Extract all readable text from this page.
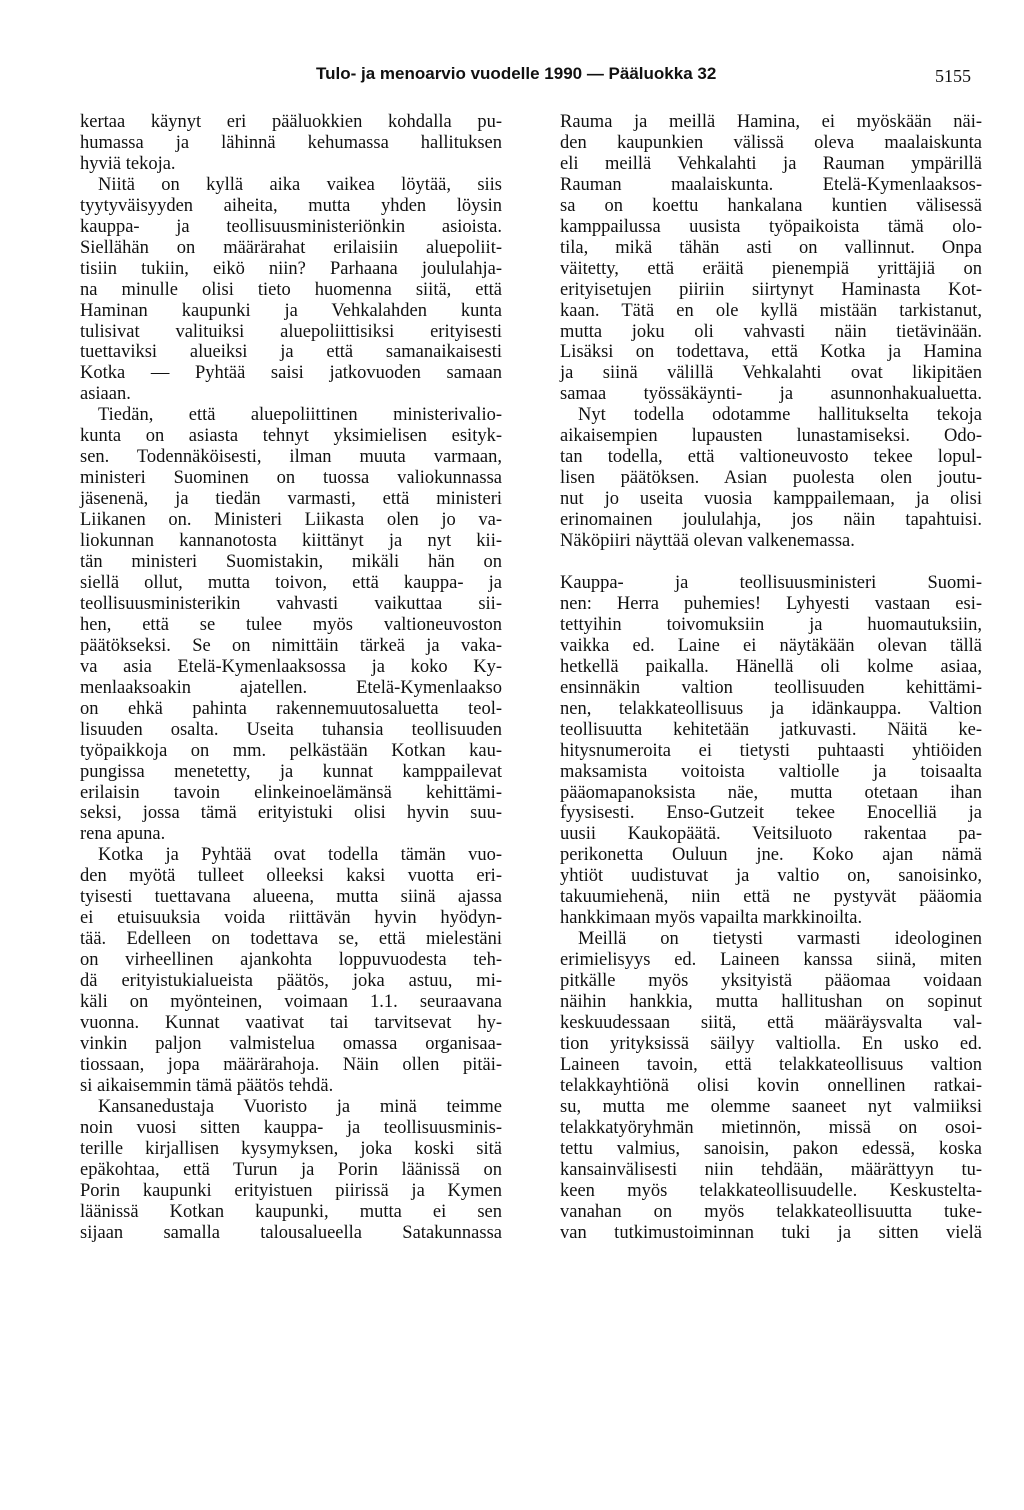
Tulo- ja menoarvio vuodelle 1990 — Pääluokka 32	5155
kertaa käynyt eri pääluokkien kohdalla pu-
humassa ja lähinnä kehumassa hallituksen
hyviä tekoja.
Niitä on kyllä aika vaikea löytää, siis
tyytyväisyyden aiheita, mutta yhden löysin
kauppa- ja teollisuusministeriönkin asioista.
Siellähän on määrärahat erilaisiin aluepoliit-
tisiin tukiin, eikö niin? Parhaana joululahja-
na minulle olisi tieto huomenna siitä, että
Haminan kaupunki ja Vehkalahden kunta
tulisivat valituiksi aluepoliittisiksi erityisesti
tuettaviksi alueiksi ja että samanaikaisesti
Kotka — Pyhtää saisi jatkovuoden samaan
asiaan.
Tiedän, että aluepoliittinen ministerivalio-
kunta on asiasta tehnyt yksimielisen esityk-
sen. Todennäköisesti, ilman muuta varmaan,
ministeri Suominen on tuossa valiokunnassa
jäsenenä, ja tiedän varmasti, että ministeri
Liikanen on. Ministeri Liikasta olen jo va-
liokunnan kannanotosta kiittänyt ja nyt kii-
tän ministeri Suomistakin, mikäli hän on
siellä ollut, mutta toivon, että kauppa- ja
teollisuusministerikin vahvasti vaikuttaa sii-
hen, että se tulee myös valtioneuvoston
päätökseksi. Se on nimittäin tärkeä ja vaka-
va asia Etelä-Kymenlaaksossa ja koko Ky-
menlaaksoakin ajatellen. Etelä-Kymenlaakso
on ehkä pahinta rakennemuutosaluetta teol-
lisuuden osalta. Useita tuhansia teollisuuden
työpaikkoja on mm. pelkästään Kotkan kau-
pungissa menetetty, ja kunnat kamppailevat
erilaisin tavoin elinkeinoelämänsä kehittämi-
seksi, jossa tämä erityistuki olisi hyvin suu-
rena apuna.
Kotka ja Pyhtää ovat todella tämän vuo-
den myötä tulleet olleeksi kaksi vuotta eri-
tyisesti tuettavana alueena, mutta siinä ajassa
ei etuisuuksia voida riittävän hyvin hyödyn-
tää. Edelleen on todettava se, että mielestäni
on virheellinen ajankohta loppuvuodesta teh-
dä erityistukialueista päätös, joka astuu, mi-
käli on myönteinen, voimaan 1.1. seuraavana
vuonna. Kunnat vaativat tai tarvitsevat hy-
vinkin paljon valmistelua omassa organisaa-
tiossaan, jopa määrärahoja. Näin ollen pitäi-
si aikaisemmin tämä päätös tehdä.
Kansanedustaja Vuoristo ja minä teimme
noin vuosi sitten kauppa- ja teollisuusminis-
terille kirjallisen kysymyksen, joka koski sitä
epäkohtaa, että Turun ja Porin läänissä on
Porin kaupunki erityistuen piirissä ja Kymen
läänissä Kotkan kaupunki, mutta ei sen
sijaan samalla talousalueella Satakunnassa
Rauma ja meillä Hamina, ei myöskään näi-
den kaupunkien välissä oleva maalaiskunta
eli meillä Vehkalahti ja Rauman ympärillä
Rauman maalaiskunta. Etelä-Kymenlaaksos-
sa on koettu hankalana kuntien välisessä
kamppailussa uusista työpaikoista tämä olo-
tila, mikä tähän asti on vallinnut. Onpa
väitetty, että eräitä pienempiä yrittäjiä on
erityisetujen piiriin siirtynyt Haminasta Kot-
kaan. Tätä en ole kyllä mistään tarkistanut,
mutta joku oli vahvasti näin tietävinään.
Lisäksi on todettava, että Kotka ja Hamina
ja siinä välillä Vehkalahti ovat likipitäen
samaa työssäkäynti- ja asunnonhakualuetta.
Nyt todella odotamme hallitukselta tekoja
aikaisempien lupausten lunastamiseksi. Odo-
tan todella, että valtioneuvosto tekee lopul-
lisen päätöksen. Asian puolesta olen joutu-
nut jo useita vuosia kamppailemaan, ja olisi
erinomainen joululahja, jos näin tapahtuisi.
Näköpiiri näyttää olevan valkenemassa.
Kauppa- ja teollisuusministeri Suomi-
nen: Herra puhemies! Lyhyesti vastaan esi-
tettyihin toivomuksiin ja huomautuksiin,
vaikka ed. Laine ei näytäkään olevan tällä
hetkellä paikalla. Hänellä oli kolme asiaa,
ensinnäkin valtion teollisuuden kehittämi-
nen, telakkateollisuus ja idänkauppa. Valtion
teollisuutta kehitetään jatkuvasti. Näitä ke-
hitysnumeroita ei tietysti puhtaasti yhtiöiden
maksamista voitoista valtiolle ja toisaalta
pääomapanoksista näe, mutta otetaan ihan
fyysisesti. Enso-Gutzeit tekee Enocelliä ja
uusii Kaukopäätä. Veitsiluoto rakentaa pa-
perikonetta Ouluun jne. Koko ajan nämä
yhtiöt uudistuvat ja valtio on, sanoisinko,
takuumiehenä, niin että ne pystyvät pääomia
hankkimaan myös vapailta markkinoilta.
Meillä on tietysti varmasti ideologinen
erimielisyys ed. Laineen kanssa siinä, miten
pitkälle myös yksityistä pääomaa voidaan
näihin hankkia, mutta hallitushan on sopinut
keskuudessaan siitä, että määräysvalta val-
tion yrityksissä säilyy valtiolla. En usko ed.
Laineen tavoin, että telakkateollisuus valtion
telakkayhtiönä olisi kovin onnellinen ratkai-
su, mutta me olemme saaneet nyt valmiiksi
telakkatyöryhmän mietinnön, missä on osoi-
tettu valmius, sanoisin, pakon edessä, koska
kansainvälisesti niin tehdään, määrättyyn tu-
keen myös telakkateollisuudelle. Keskustelta-
vanahan on myös telakkateollisuutta tuke-
van tutkimustoiminnan tuki ja sitten vielä
